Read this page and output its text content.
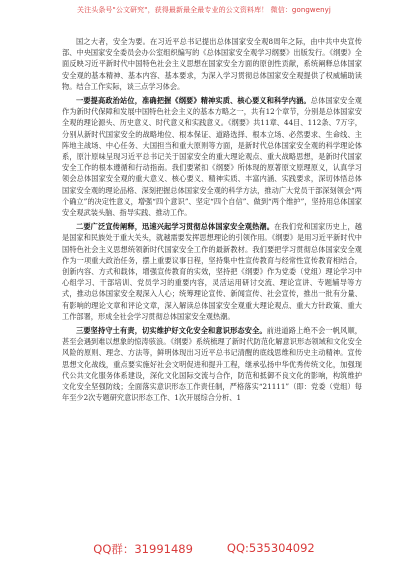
关注头条号"公文研究"，获得最新最全最专业的公文资料库！ 微信：gongwenyj

国之大者，安全为要。在习近平总书记提出总体国家安全观8周年之际，由中共中央宣传部、中央国家安全委员会办公室组织编写的《总体国家安全观学习纲要》出版发行。《纲要》全面反映习近平新时代中国特色社会主义思想在国家安全方面的原创性贡献，系统阐释总体国家安全观的基本精神、基本内容、基本要求，为深入学习贯彻总体国家安全观提供了权威辅助读物。结合工作实际，谈三点学习体会。

一要提高政治站位，准确把握《纲要》精神实质、核心要义和科学内涵。总体国家安全观作为新时代保障和发展中国特色社会主义的基本方略之一，共有12个章节，分别是总体国家安全观的理论源头、历史意义、时代意义和实践意义。《纲要》共11章、44目、112条、7万字，分别从新时代国家安全的战略地位、根本保证、道路选择、根本立场、必然要求、生命线、主阵地主战场、中心任务、大国担当和重大原则等方面，是新时代总体国家安全观的科学理论体系，原汁原味呈现习近平总书记关于国家安全的重大理论观点、重大战略思想，是新时代国家安全工作的根本遵循和行动指南。我们要紧扣《纲要》所体现的原著原文原理原义，认真学习领会总体国家安全观的重大意义、核心要义、精神实质、丰富内涵、实践要求，深切体悟总体国家安全观的理论品格、深刻把握总体国家安全观的科学方法，推动广大党员干部深刻领会“两个确立”的决定性意义，增强“四个意识”、坚定“四个自信”、做到“两个维护”，坚持用总体国家安全观武装头脑、指导实践、推动工作。

二要广泛宣传阐释，迅速兴起学习贯彻总体国家安全观热潮。在我们党和国家历史上，越是国家和民族处于重大关头，就越需要发挥思想理论的引领作用。《纲要》是用习近平新时代中国特色社会主义思想统领新时代国家安全工作的最新教材。我们要把学习贯彻总体国家安全观作为一项重大政治任务，摆上重要议事日程，坚持集中性宣传教育与经常性宣传教育相结合，创新内容、方式和载体，增强宣传教育的实效，坚持把《纲要》作为党委（党组）理论学习中心组学习、干部培训、党员学习的重要内容，灵活运用研讨交流、理论宣讲、专题辅导等方式，推动总体国家安全观深入人心；统筹理论宣传、新闻宣传、社会宣传，推出一批有分量、有影响的理论文章和评论文章，深入解读总体国家安全观重大理论观点、重大方针政策、重大工作部署，形成全社会学习贯彻总体国家安全观热潮。

三要坚持守土有责，切实维护好文化安全和意识形态安全。前进道路上绝不会一帆风顺，甚至会遇到难以想象的惊涛骇浪。《纲要》系统梳理了新时代防范化解意识形态领域和文化安全风险的原则、理念、方法等，鲜明体现出习近平总书记清醒的底线思维和历史主动精神。宣传思想文化战线，重点要实施好社会文明促进和提升工程，继承弘扬中华优秀传统文化，加强现代公共文化服务体系建设，深化文化国际交流与合作，防范和抵御不良文化的影响，构筑维护文化安全坚强防线；全面落实意识形态工作责任制，严格落实“21111”（即：党委（党组）每年至少2次专题研究意识形态工作、1次开展综合分析、1

QQ群：31991489	QQ:535304092
